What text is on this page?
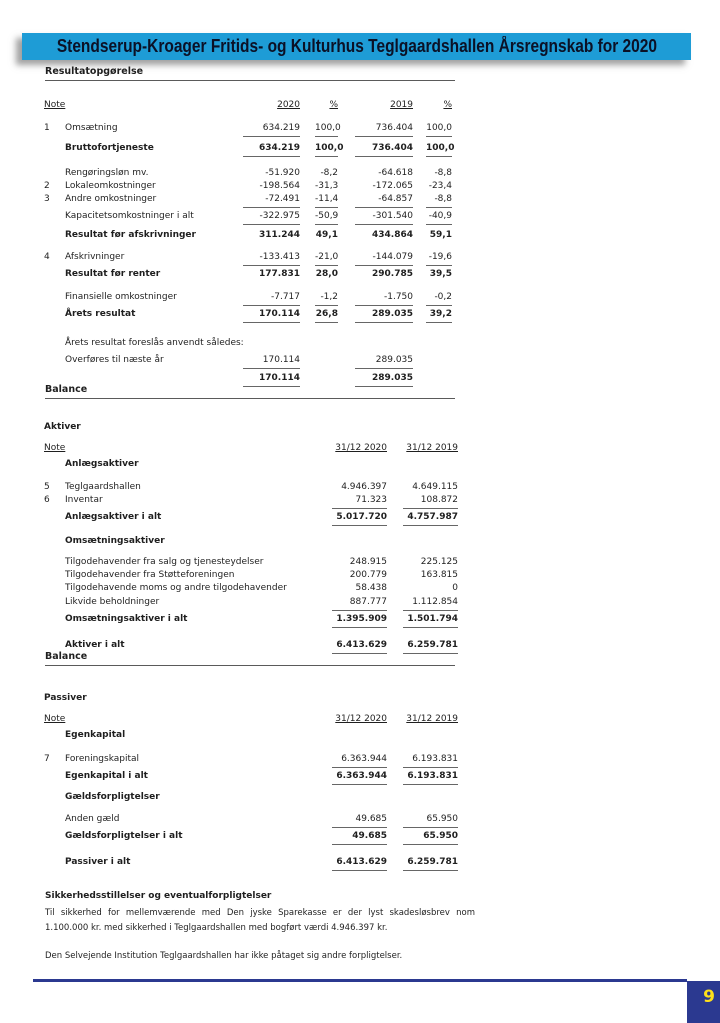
Stendserup-Kroager Fritids- og Kulturhus Teglgaardshallen Årsregnskab for 2020
Resultatopgørelse
Note	2020	%	2019	%
1	Omsætning	634.219	100,0	736.404	100,0
Bruttofortjeneste	634.219	100,0	736.404	100,0
Rengøringsløn mv.	-51.920	-8,2	-64.618	-8,8
2	Lokaleomkostninger	-198.564	-31,3	-172.065	-23,4
3	Andre omkostninger	-72.491	-11,4	-64.857	-8,8
Kapacitetsomkostninger i alt	-322.975	-50,9	-301.540	-40,9
Resultat før afskrivninger	311.244	49,1	434.864	59,1
4	Afskrivninger	-133.413	-21,0	-144.079	-19,6
Resultat før renter	177.831	28,0	290.785	39,5
Finansielle omkostninger	-7.717	-1,2	-1.750	-0,2
Årets resultat	170.114	26,8	289.035	39,2
Årets resultat foreslås anvendt således:
Overføres til næste år	170.114	289.035
170.114	289.035
Balance
Aktiver
Note	31/12 2020	31/12 2019
Anlægsaktiver
5	Teglgaardshallen	4.946.397	4.649.115
6	Inventar	71.323	108.872
Anlægsaktiver i alt	5.017.720	4.757.987
Omsætningsaktiver
Tilgodehavender fra salg og tjenesteydelser	248.915	225.125
Tilgodehavender fra Støtteforeningen	200.779	163.815
Tilgodehavende moms og andre tilgodehavender	58.438	0
Likvide beholdninger	887.777	1.112.854
Omsætningsaktiver i alt	1.395.909	1.501.794
Aktiver i alt	6.413.629	6.259.781
Balance
Passiver
Note	31/12 2020	31/12 2019
Egenkapital
7	Foreningskapital	6.363.944	6.193.831
Egenkapital i alt	6.363.944	6.193.831
Gældsforpligtelser
Anden gæld	49.685	65.950
Gældsforpligtelser i alt	49.685	65.950
Passiver i alt	6.413.629	6.259.781
Sikkerhedsstillelser og eventualforpligtelser

Til sikkerhed for mellemværende med Den jyske Sparekasse er der lyst skadesløsbrev nom 1.100.000 kr. med sikkerhed i Teglgaardshallen med bogført værdi 4.946.397 kr.

Den Selvejende Institution Teglgaardshallen har ikke påtaget sig andre forpligtelser.

9
